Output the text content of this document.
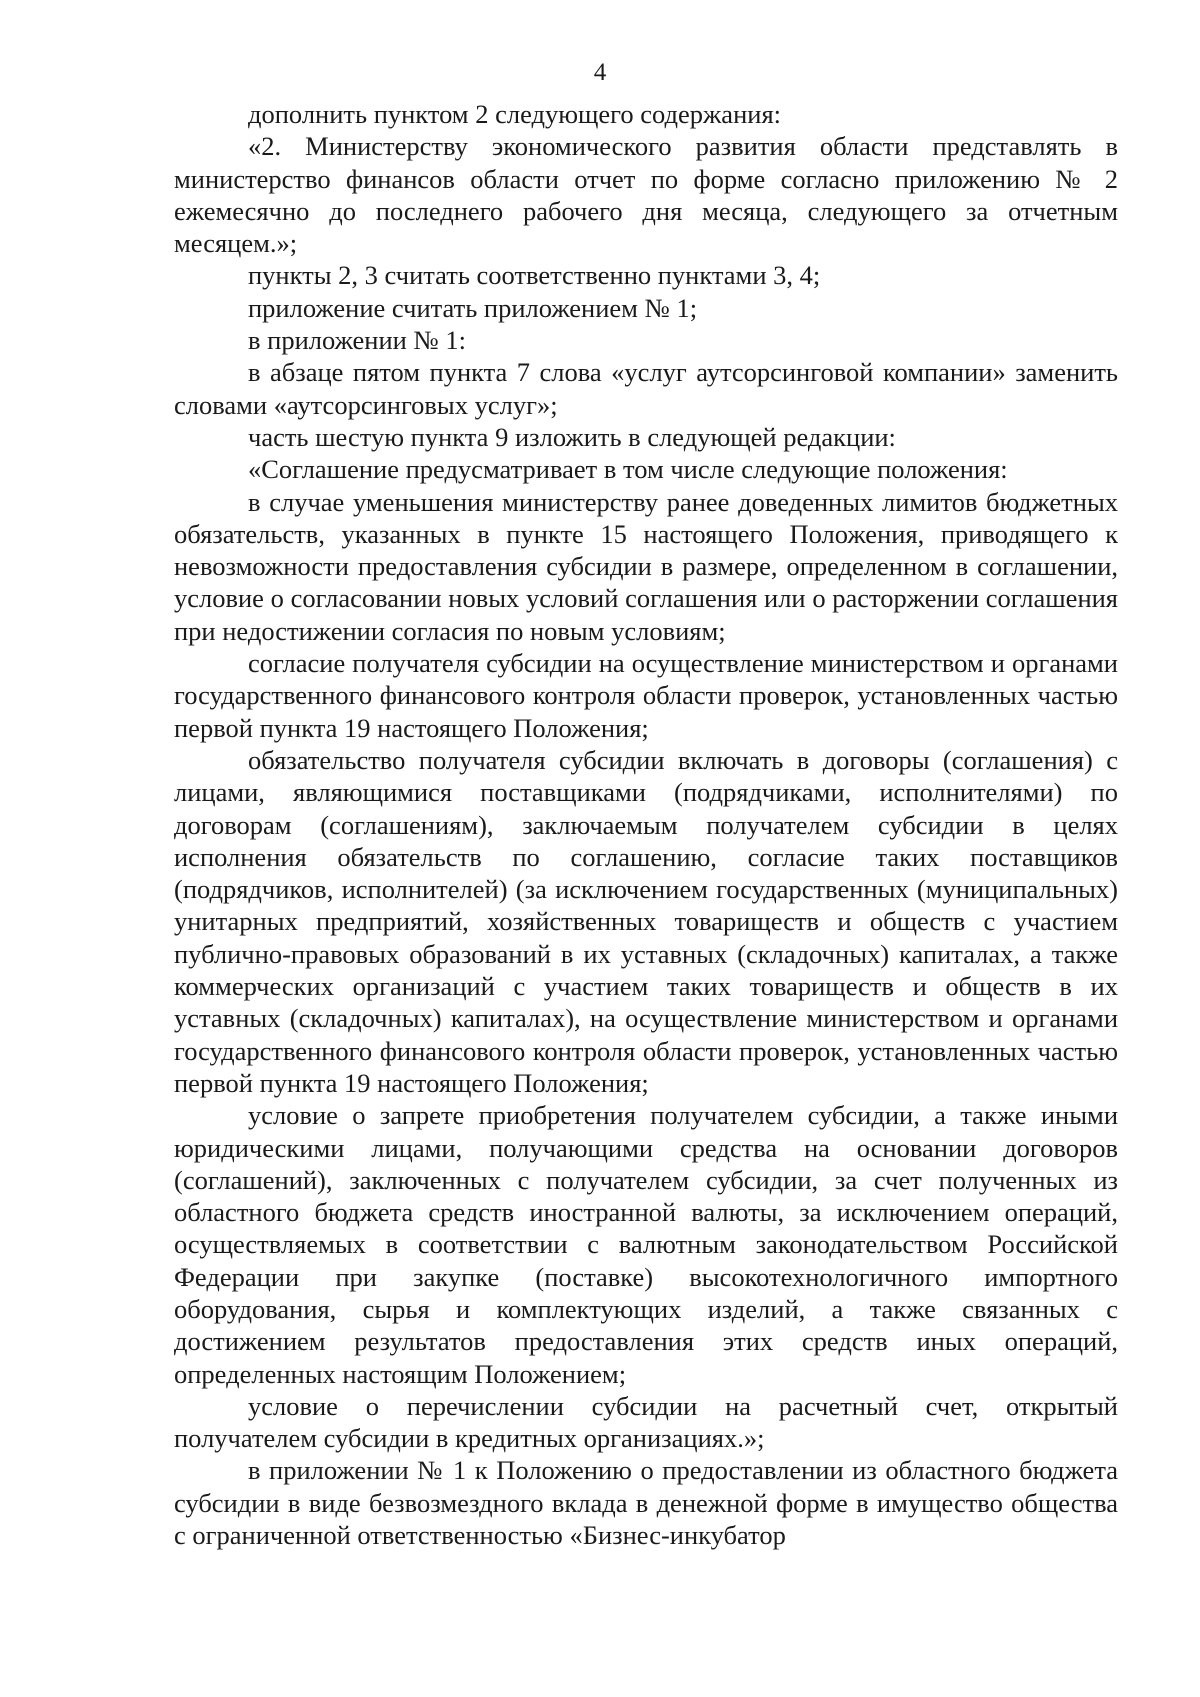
4

дополнить пунктом 2 следующего содержания:

«2. Министерству экономического развития области представлять в министерство финансов области отчет по форме согласно приложению № 2 ежемесячно до последнего рабочего дня месяца, следующего за отчетным месяцем.»;

пункты 2, 3 считать соответственно пунктами 3, 4;

приложение считать приложением № 1;

в приложении № 1:

в абзаце пятом пункта 7 слова «услуг аутсорсинговой компании» заменить словами «аутсорсинговых услуг»;

часть шестую пункта 9 изложить в следующей редакции:

«Соглашение предусматривает в том числе следующие положения:

в случае уменьшения министерству ранее доведенных лимитов бюджетных обязательств, указанных в пункте 15 настоящего Положения, приводящего к невозможности предоставления субсидии в размере, определенном в соглашении, условие о согласовании новых условий соглашения или о расторжении соглашения при недостижении согласия по новым условиям;

согласие получателя субсидии на осуществление министерством и органами государственного финансового контроля области проверок, установленных частью первой пункта 19 настоящего Положения;

обязательство получателя субсидии включать в договоры (соглашения) с лицами, являющимися поставщиками (подрядчиками, исполнителями) по договорам (соглашениям), заключаемым получателем субсидии в целях исполнения обязательств по соглашению, согласие таких поставщиков (подрядчиков, исполнителей) (за исключением государственных (муниципальных) унитарных предприятий, хозяйственных товариществ и обществ с участием публично-правовых образований в их уставных (складочных) капиталах, а также коммерческих организаций с участием таких товариществ и обществ в их уставных (складочных) капиталах), на осуществление министерством и органами государственного финансового контроля области проверок, установленных частью первой пункта 19 настоящего Положения;

условие о запрете приобретения получателем субсидии, а также иными юридическими лицами, получающими средства на основании договоров (соглашений), заключенных с получателем субсидии, за счет полученных из областного бюджета средств иностранной валюты, за исключением операций, осуществляемых в соответствии с валютным законодательством Российской Федерации при закупке (поставке) высокотехнологичного импортного оборудования, сырья и комплектующих изделий, а также связанных с достижением результатов предоставления этих средств иных операций, определенных настоящим Положением;

условие о перечислении субсидии на расчетный счет, открытый получателем субсидии в кредитных организациях.»;

в приложении № 1 к Положению о предоставлении из областного бюджета субсидии в виде безвозмездного вклада в денежной форме в имущество общества с ограниченной ответственностью «Бизнес-инкубатор
